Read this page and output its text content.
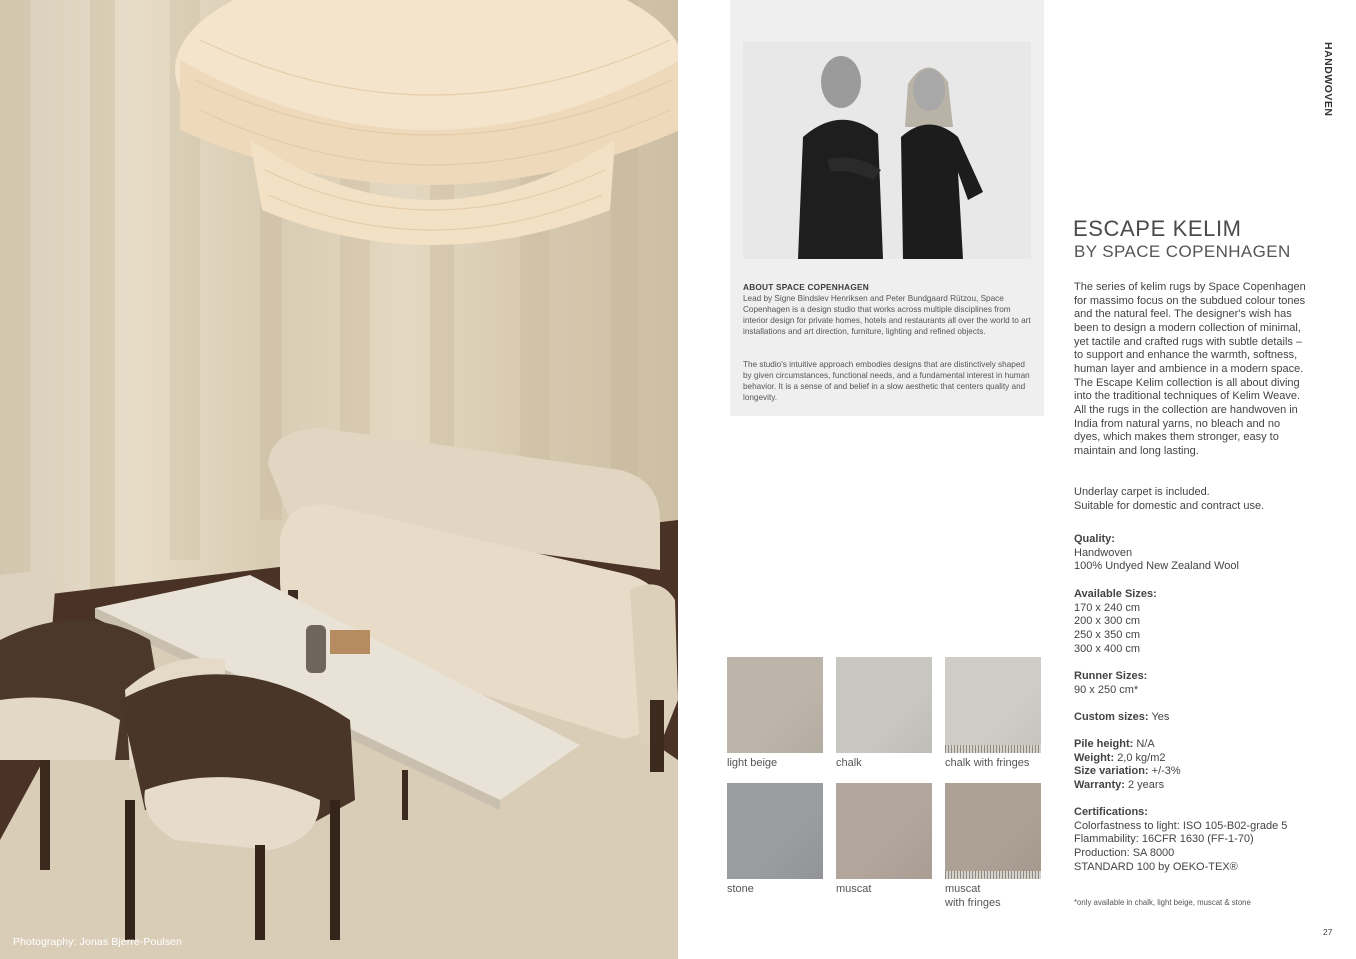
Photography: Jonas Bjerre-Poulsen
ABOUT SPACE COPENHAGEN

Lead by Signe Bindslev Henriksen and Peter Bundgaard Rützou, Space Copenhagen is a design studio that works across multiple disciplines from interior design for private homes, hotels and restaurants all over the world to art installations and art direction, furniture, lighting and refined objects.

The studio's intuitive approach embodies designs that are distinctively shaped by given circumstances, functional needs, and a fundamental interest in human behavior. It is a sense of and belief in a slow aesthetic that centers quality and longevity.

light beige	chalk	chalk with fringes
stone	muscat	muscat
with fringes
HANDWOVEN
ESCAPE KELIM
BY SPACE COPENHAGEN

The series of kelim rugs by Space Copenhagen for massimo focus on the subdued colour tones and the natural feel. The designer's wish has been to design a modern collection of minimal, yet tactile and crafted rugs with subtle details – to support and enhance the warmth, softness, human layer and ambience in a modern space. The Escape Kelim collection is all about diving into the traditional techniques of Kelim Weave. All the rugs in the collection are handwoven in India from natural yarns, no bleach and no dyes, which makes them stronger, easy to maintain and long lasting.

Underlay carpet is included.

Suitable for domestic and contract use.

Quality:
Handwoven
100% Undyed New Zealand Wool
Available Sizes:
170 x 240 cm
200 x 300 cm
250 x 350 cm
300 x 400 cm
Runner Sizes:
90 x 250 cm*
Custom sizes: Yes
Pile height: N/A
Weight: 2,0 kg/m2
Size variation: +/-3%
Warranty: 2 years
Certifications:
Colorfastness to light: ISO 105-B02-grade 5
Flammability: 16CFR 1630 (FF-1-70)
Production: SA 8000
STANDARD 100 by OEKO-TEX®
*only available in chalk, light beige, muscat & stone
27
